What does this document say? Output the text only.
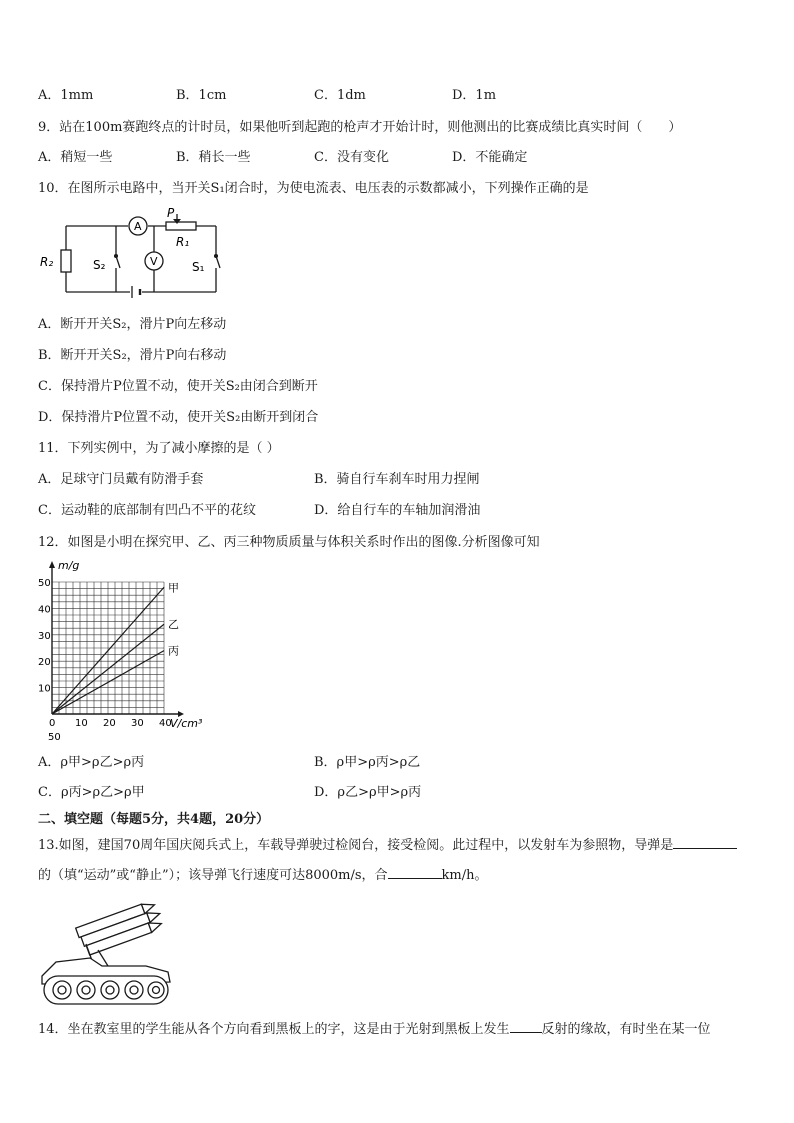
A．1mm	B．1cm	C．1dm	D．1m
9．站在100m赛跑终点的计时员，如果他听到起跑的枪声才开始计时，则他测出的比赛成绩比真实时间（　　）
A．稍短一些	B．稍长一些	C．没有变化	D．不能确定
10．在图所示电路中，当开关S₁闭合时，为使电流表、电压表的示数都减小，下列操作正确的是
A
V
P
R₁
R₂	S₂	S₁
A．断开开关S₂，滑片P向左移动
B．断开开关S₂，滑片P向右移动
C．保持滑片P位置不动，使开关S₂由闭合到断开
D．保持滑片P位置不动，使开关S₂由断开到闭合
11．下列实例中，为了减小摩擦的是（ ）
A．足球守门员戴有防滑手套	B．骑自行车刹车时用力捏闸
C．运动鞋的底部制有凹凸不平的花纹	D．给自行车的车轴加润滑油
12．如图是小明在探究甲、乙、丙三种物质质量与体积关系时作出的图像.分析图像可知
甲
乙
丙
10
20
30
40
50
0 10 20 30 40
m/g
V/cm³
50
A．ρ甲>ρ乙>ρ丙	B．ρ甲>ρ丙>ρ乙
C．ρ丙>ρ乙>ρ甲	D．ρ乙>ρ甲>ρ丙
二、填空题（每题5分，共4题，20分）
13.如图，建国70周年国庆阅兵式上，车载导弹驶过检阅台，接受检阅。此过程中，以发射车为参照物，导弹是
的（填“运动”或“静止”）；该导弹飞行速度可达8000m/s，合	km/h。
14．坐在教室里的学生能从各个方向看到黑板上的字，这是由于光射到黑板上发生 反射的缘故，有时坐在某一位
